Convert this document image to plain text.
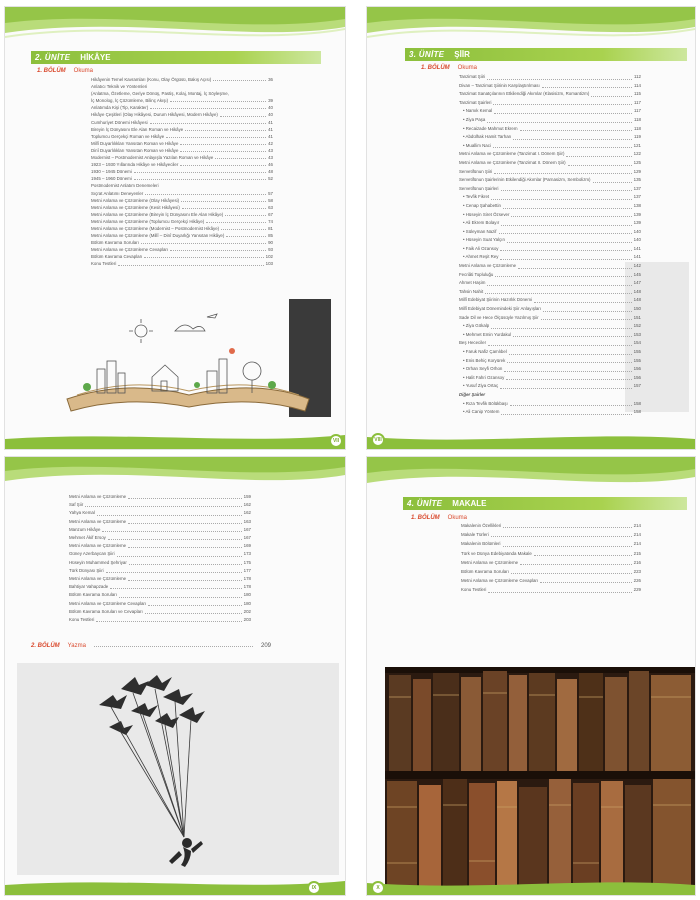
2. ÜNİTE HİKÂYE
1. BÖLÜM Okuma
Hikâyenin Temel Kavramları (Konu, Olay Örgüsü, Bakış Açısı)	36
Anlatıcı Teknik ve Yöntemleri
(Anlatma, Özetleme, Geriye Dönüş, Pastiş, Kolaj, Montaj, İç Söyleşme,
İç Monolog, İç Çözümleme, Bilinç Akışı)	39
Anlatımda Kişi (Tip, Karakter)	40
Hikâye Çeşitleri (Olay Hikâyesi, Durum Hikâyesi, Modern Hikâye)	40
Cumhuriyet Dönemi Hikâyesi	41
Bireyin İç Dünyasını Ele Alan Roman ve Hikâye	41
Toplumcu Gerçekçi Roman ve Hikâye	41
Millî Duyarlılıkları Yansıtan Roman ve Hikâye	42
Dinî Duyarlılıkları Yansıtan Roman ve Hikâye	43
Modernist – Postmodernist Anlayışla Yazılan Roman ve Hikâye	43
1923 – 1930 Yıllarında Hikâye ve Hikâyeciler	46
1930 – 1945 Dönemi	48
1945 – 1960 Dönemi	52
Postmodernist Anlatım Denemeleri
Sıçrat Anlatımı Deneyenler	57
Metni Anlama ve Çözümleme (Olay Hikâyesi)	58
Metni Anlama ve Çözümleme (Kesit Hikâyesi)	63
Metni Anlama ve Çözümleme (Bireyin İç Dünyasını Ele Alan Hikâye)	67
Metni Anlama ve Çözümleme (Toplumcu Gerçekçi Hikâye)	74
Metni Anlama ve Çözümleme (Modernist – Postmodernist Hikâye)	81
Metni Anlama ve Çözümleme (Millî – Dinî Duyarlığı Yansıtan Hikâye)	85
Bölüm Kavrama Soruları	90
Metni Anlama ve Çözümleme Cevapları	93
Bölüm Kavrama Cevapları	102
Konu Testleri	103
VII
3. ÜNİTE ŞİİR
1. BÖLÜM Okuma
Tanzimat Şiiri	112
Divan – Tanzimat Şiirinin Karşılaştırılması	114
Tanzimat Sanatçılarının Etkilendiği Akımlar (Klasisizm, Romantizm)	115
Tanzimat Şairleri	117
• Namık Kemal	117
• Ziya Paşa	118
• Recaizade Mahmut Ekrem	118
• Abdülhak Hamit Tarhan	119
• Muallim Naci	121
Metni Anlama ve Çözümleme (Tanzimat I. Dönem Şiir)	122
Metni Anlama ve Çözümleme (Tanzimat II. Dönem Şiir)	125
Servetifünun Şiiri	129
Servetifünun Şairlerinin Etkilendiği Akımlar (Parnasizm, Sembolizm)	135
Servetifünun Şairleri	137
• Tevfik Fikret	137
• Cenap Şahabettin	138
• Hüseyin Siret Özsever	139
• Ali Ekrem Bolayır	139
• Süleyman Nazif	140
• Hüseyin Suat Yalçın	140
• Faik Ali Ozansoy	141
• Ahmet Reşit Rey	141
Metni Anlama ve Çözümleme	142
Fecriâti Topluluğu	145
Ahmet Haşim	147
Tahsin Nahit	148
Millî Edebiyat Şiirinin Hazırlık Dönemi	148
Millî Edebiyat Dönemindeki Şiir Anlayışları	150
Sade Dil ve Hece Ölçüsüyle Yazılmış Şiir	151
• Ziya Gökalp	152
• Mehmet Emin Yurdakul	153
Beş Hececiler	154
• Faruk Nafiz Çamlıbel	155
• Enis Behiç Koryürek	155
• Orhan Seyfi Orhon	156
• Halit Fahri Ozansoy	156
• Yusuf Ziya Ortaç	157
Diğer Şairler
• Rıza Tevfik Bölükbaşı	158
• Ali Canip Yöntem	158
VIII
Metni Anlama ve Çözümleme	159
Saf Şiir	162
Yahya Kemal	162
Metni Anlama ve Çözümleme	163
Manzum Hikâye	167
Mehmet Âkif Ersoy	167
Metni Anlama ve Çözümleme	169
Güney Azerbaycan Şiiri	173
Hüseyin Muhammed Şehriyar	175
Türk Dünyası Şiiri	177
Metni Anlama ve Çözümleme	178
Bahtiyar Vahapzade	178
Bölüm Kavrama Soruları	180
Metni Anlama ve Çözümleme Cevapları	180
Bölüm Kavrama Soruları ve Cevapları	202
Konu Testleri	203
2. BÖLÜM Yazma	209
IX
4. ÜNİTE MAKALE
1. BÖLÜM Okuma
Makalenin Özellikleri	214
Makale Türleri	214
Makalenin Bölümleri	214
Türk ve Dünya Edebiyatında Makale	215
Metni Anlama ve Çözümleme	216
Bölüm Kavrama Soruları	223
Metni Anlama ve Çözümleme Cevapları	226
Konu Testleri	229
X
